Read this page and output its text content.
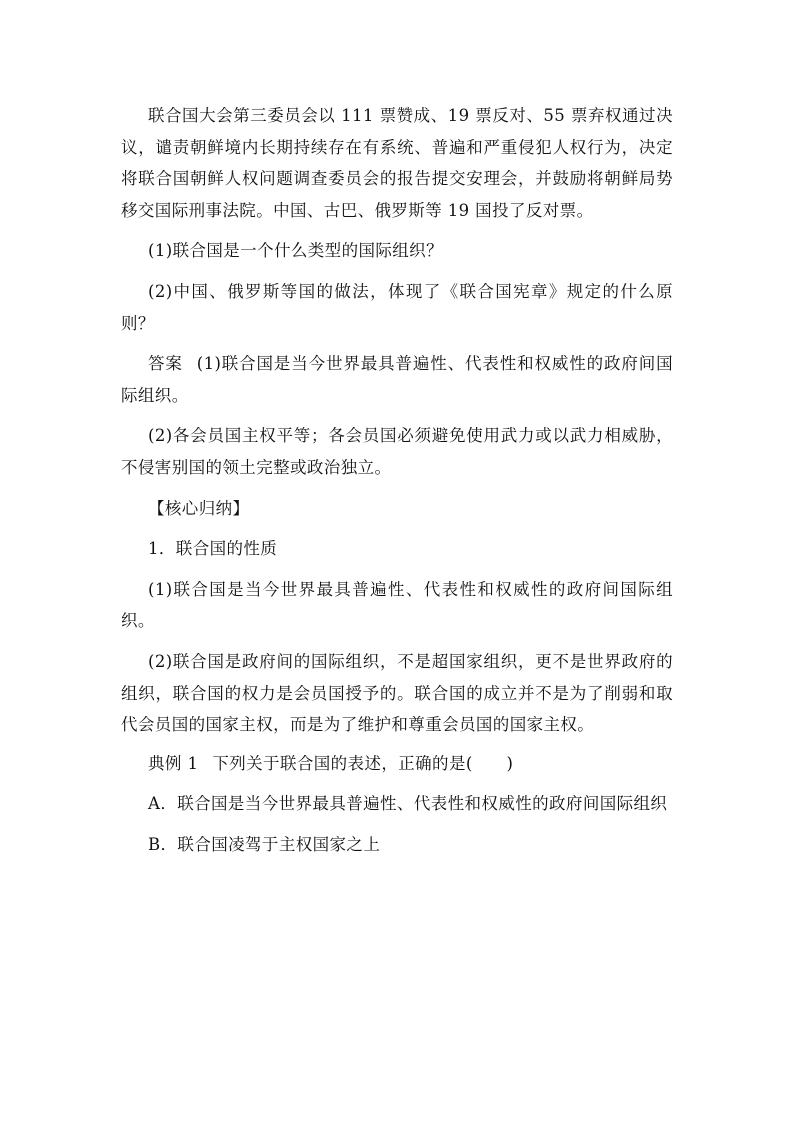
联合国大会第三委员会以 111 票赞成、19 票反对、55 票弃权通过决议，谴责朝鲜境内长期持续存在有系统、普遍和严重侵犯人权行为，决定将联合国朝鲜人权问题调查委员会的报告提交安理会，并鼓励将朝鲜局势移交国际刑事法院。中国、古巴、俄罗斯等 19 国投了反对票。

(1)联合国是一个什么类型的国际组织？

(2)中国、俄罗斯等国的做法，体现了《联合国宪章》规定的什么原则？

答案 (1)联合国是当今世界最具普遍性、代表性和权威性的政府间国际组织。

(2)各会员国主权平等；各会员国必须避免使用武力或以武力相威胁，不侵害别国的领土完整或政治独立。

【核心归纳】

1．联合国的性质

(1)联合国是当今世界最具普遍性、代表性和权威性的政府间国际组织。

(2)联合国是政府间的国际组织，不是超国家组织，更不是世界政府的组织，联合国的权力是会员国授予的。联合国的成立并不是为了削弱和取代会员国的国家主权，而是为了维护和尊重会员国的国家主权。

典例 1 下列关于联合国的表述，正确的是(　　)

A．联合国是当今世界最具普遍性、代表性和权威性的政府间国际组织

B．联合国凌驾于主权国家之上
